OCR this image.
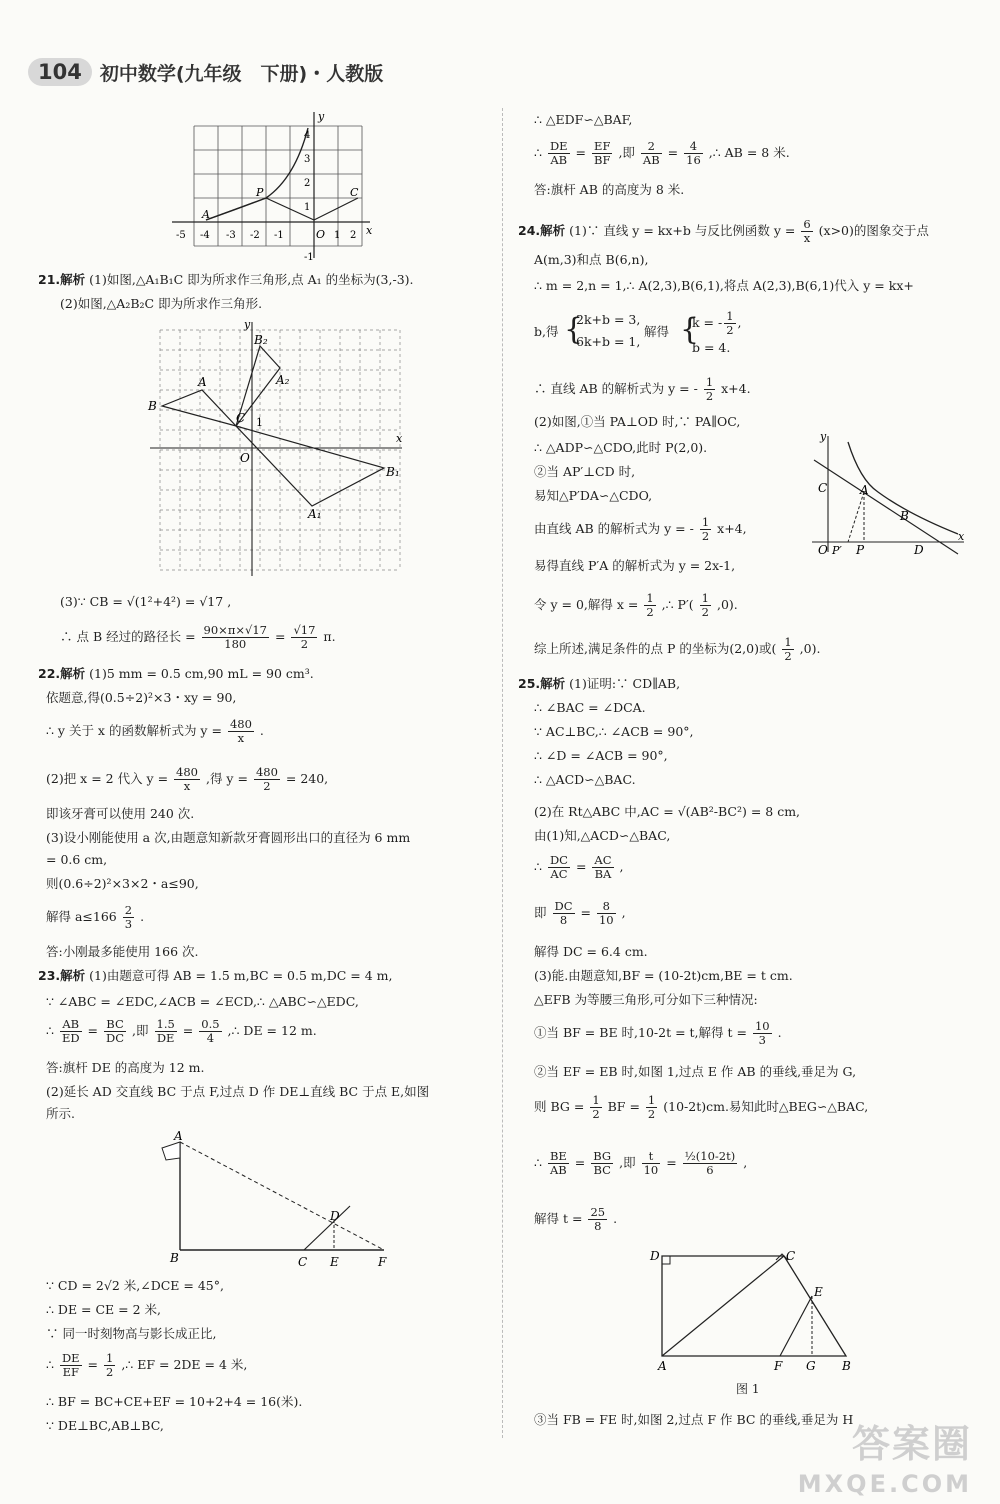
104 初中数学(九年级　下册)・人教版
y
x
A
P	C
O
-5 -4 -3 -2 -1	1 2
4
3
2
1
-1
21.解析 (1)如图,△A₁B₁C 即为所求作三角形,点 A₁ 的坐标为(3,-3).
(2)如图,△A₂B₂C 即为所求作三角形.
B
A
B₂
A₂
C 1
O
B₁
A₁
y
x
(3)∵ CB = √(1²+4²) = √17 ,
∴ 点 B 经过的路径长 = $\frac{90\times\pi\times√17}{180} = \frac{√17}{2} \pi$.
22.解析 (1)5 mm = 0.5 cm,90 mL = 90 cm³.
依题意,得(0.5÷2)²×3・xy = 90,
∴ y 关于 x 的函数解析式为 $y = \frac{480}{x}$ .
(2)把 x = 2 代入 $y = \frac{480}{x}$ ,得 $y = \frac{480}{2} = 240$,
即该牙膏可以使用 240 次.
(3)设小刚能使用 a 次,由题意知新款牙膏圆形出口的直径为 6 mm
= 0.6 cm,
则(0.6÷2)²×3×2・a≤90,
解得 $a\le 166 \frac{2}{3}$ .
答:小刚最多能使用 166 次.
23.解析 (1)由题意可得 AB = 1.5 m,BC = 0.5 m,DC = 4 m,
∵ ∠ABC = ∠EDC,∠ACB = ∠ECD,∴ △ABC∽△EDC,
∴ $\frac{AB}{ED} = \frac{BC}{DC}$ ,即 $\frac{1.5}{DE} = \frac{0.5}{4}$ ,∴ DE = 12 m.
答:旗杆 DE 的高度为 12 m.
(2)延长 AD 交直线 BC 于点 F,过点 D 作 DE⊥直线 BC 于点 E,如图
所示.
A
B	C
D
E	F
∵ CD = 2√2 米,∠DCE = 45°,
∴ DE = CE = 2 米,
∵ 同一时刻物高与影长成正比,
∴ $\frac{DE}{EF} = \frac{1}{2}$ ,∴ EF = 2DE = 4 米,
∴ BF = BC+CE+EF = 10+2+4 = 16(米).
∵ DE⊥BC,AB⊥BC,
∴ △EDF∽△BAF,
∴ $\frac{DE}{AB} = \frac{EF}{BF}$ ,即 $\frac{2}{AB} = \frac{4}{16}$ ,∴ AB = 8 米.
答:旗杆 AB 的高度为 8 米.
24.解析 (1)∵ 直线 y = kx+b 与反比例函数 $y = \frac{6}{x} (x>0)$的图象交于点
A(m,3)和点 B(6,n),
∴ m = 2,n = 1,∴ A(2,3),B(6,1),将点 A(2,3),B(6,1)代入 y = kx+
b,得 {
2k+b = 3,
6k+b = 1,
解得 {
k = - $\frac{1}{2}$ ,
b = 4.
∴ 直线 AB 的解析式为 y = - $\frac{1}{2} x+4$.
(2)如图,①当 PA⊥OD 时,∵ PA∥OC,
∴ △ADP∽△CDO,此时 P(2,0).
②当 AP′⊥CD 时,
易知△P′DA∽△CDO,
由直线 AB 的解析式为 y = - $\frac{1}{2} x+4$,
易得直线 P′A 的解析式为 y = 2x-1,
令 y = 0,解得 $x = \frac{1}{2}$ ,∴ $P'( \frac{1}{2} ,0)$.
综上所述,满足条件的点 P 的坐标为(2,0)或( $\frac{1}{2} ,0$).
y
C	A
B
O P′ P	D
x
25.解析 (1)证明:∵ CD∥AB,
∴ ∠BAC = ∠DCA.
∵ AC⊥BC,∴ ∠ACB = 90°,
∴ ∠D = ∠ACB = 90°,
∴ △ACD∽△BAC.
(2)在 Rt△ABC 中,AC = √(AB²-BC²) = 8 cm,
由(1)知,△ACD∽△BAC,
∴ $\frac{DC}{AC} = \frac{AC}{BA}$ ,
即 $\frac{DC}{8} = \frac{8}{10}$ ,
解得 DC = 6.4 cm.
(3)能.由题意知,BF = (10-2t)cm,BE = t cm.
△EFB 为等腰三角形,可分如下三种情况:
①当 BF = BE 时,10-2t = t,解得 $t = \frac{10}{3}$ .
②当 EF = EB 时,如图 1,过点 E 作 AB 的垂线,垂足为 G,
则 BG = $\frac{1}{2}$ BF = $\frac{1}{2} (10-2t)cm$.易知此时△BEG∽△BAC,
∴ $\frac{BE}{AB} = \frac{BG}{BC}$ ,即 $\frac{t}{10} = \frac{\text{½(10-2t)}}{6}$ ,
解得 $t = \frac{25}{8}$ .
D	C
E
A	F G B
图 1
③当 FB = FE 时,如图 2,过点 F 作 BC 的垂线,垂足为 H
答案圈
MXQE.COM
